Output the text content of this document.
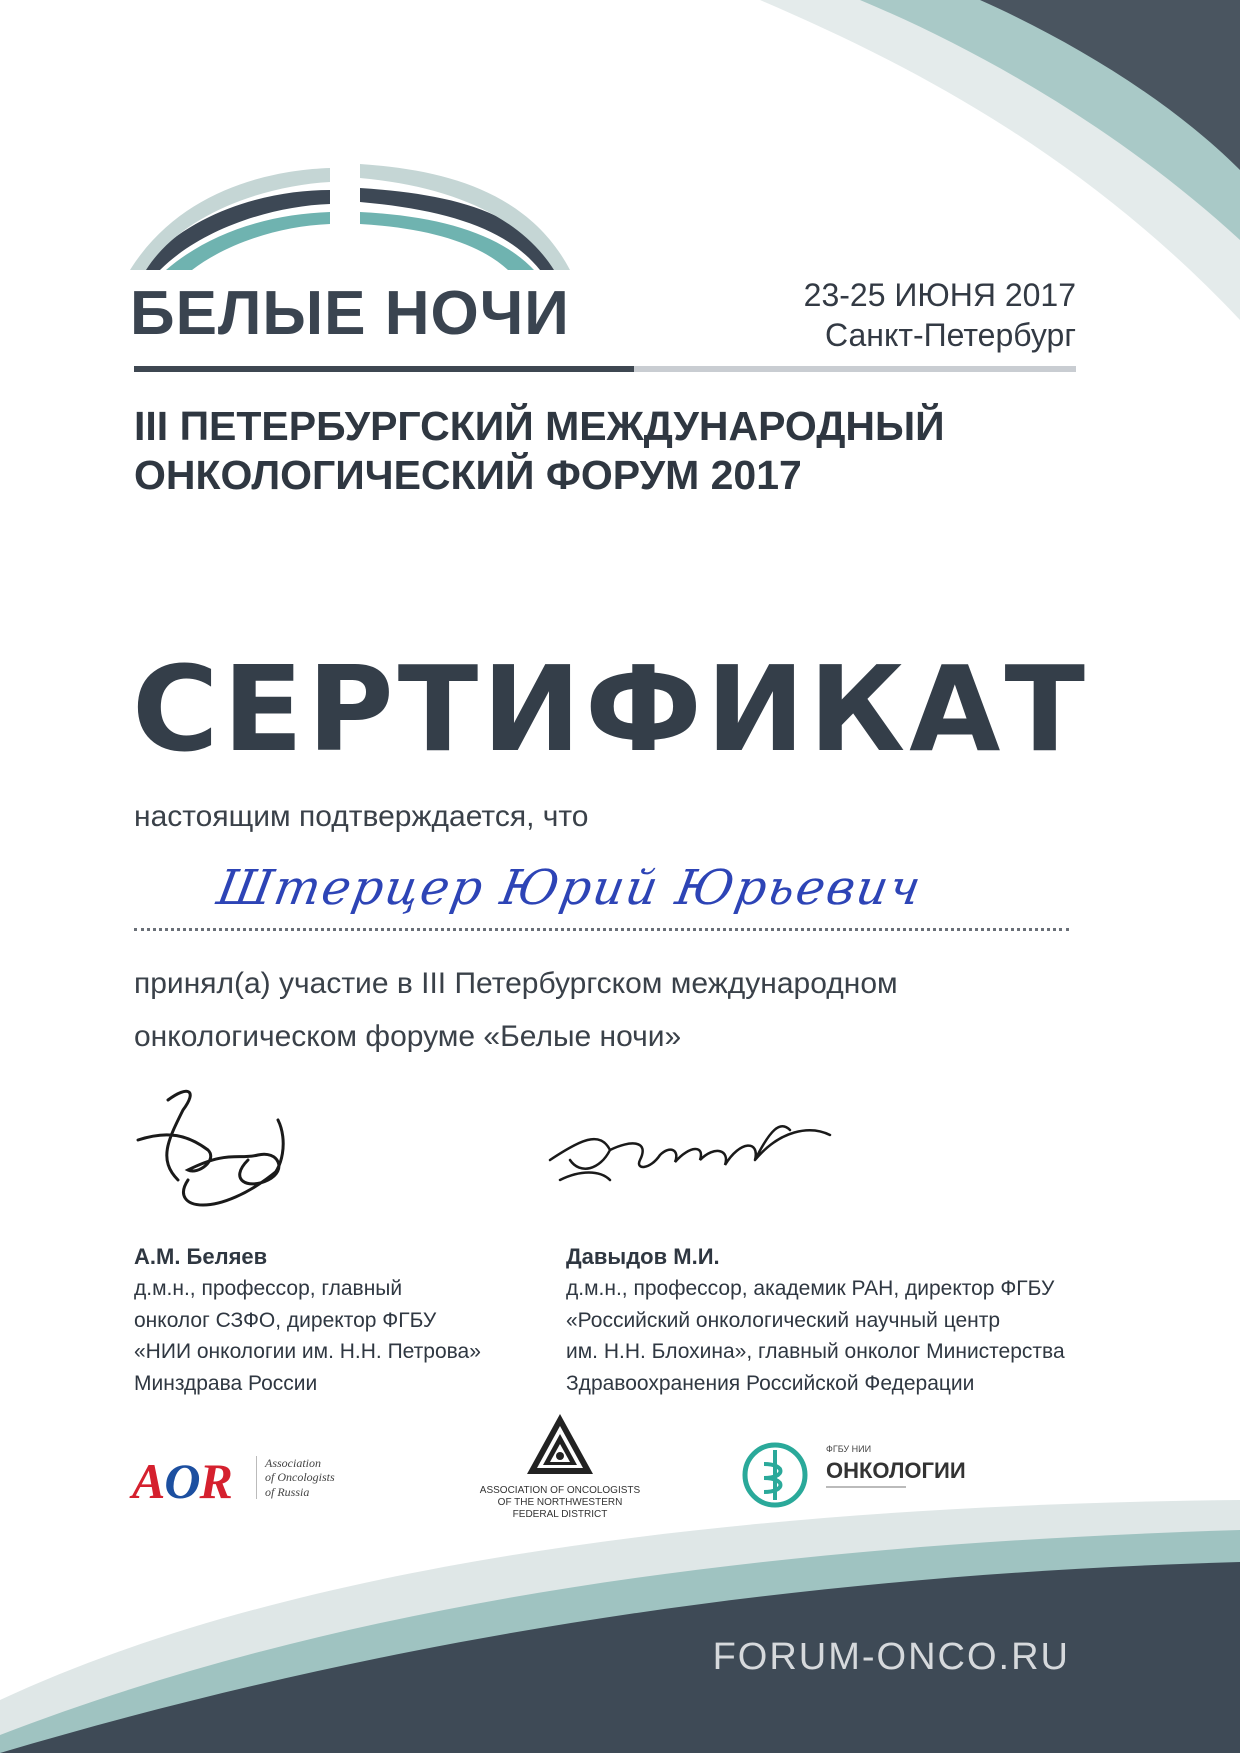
БЕЛЫЕ НОЧИ	23-25 ИЮНЯ 2017
Санкт-Петербург
III ПЕТЕРБУРГСКИЙ МЕЖДУНАРОДНЫЙ
ОНКОЛОГИЧЕСКИЙ ФОРУМ 2017
СЕРТИФИКАТ
настоящим подтверждается, что
Штерцер Юрий Юрьевич
принял(а) участие в III Петербургском международном
онкологическом форуме «Белые ночи»
А.М. Беляев
д.м.н., профессор, главный
онколог СЗФО, директор ФГБУ
«НИИ онкологии им. Н.Н. Петрова»
Минздрава России
Давыдов М.И.
д.м.н., профессор, академик РАН, директор ФГБУ
«Российский онкологический научный центр
им. Н.Н. Блохина», главный онколог Министерства
Здравоохранения Российской Федерации
AOR	Association
of Oncologists
of Russia	ASSOCIATION OF ONCOLOGISTS
OF THE NORTHWESTERN
FEDERAL DISTRICT
ФГБУ НИИ
ОНКОЛОГИИ
FORUM-ONCO.RU
